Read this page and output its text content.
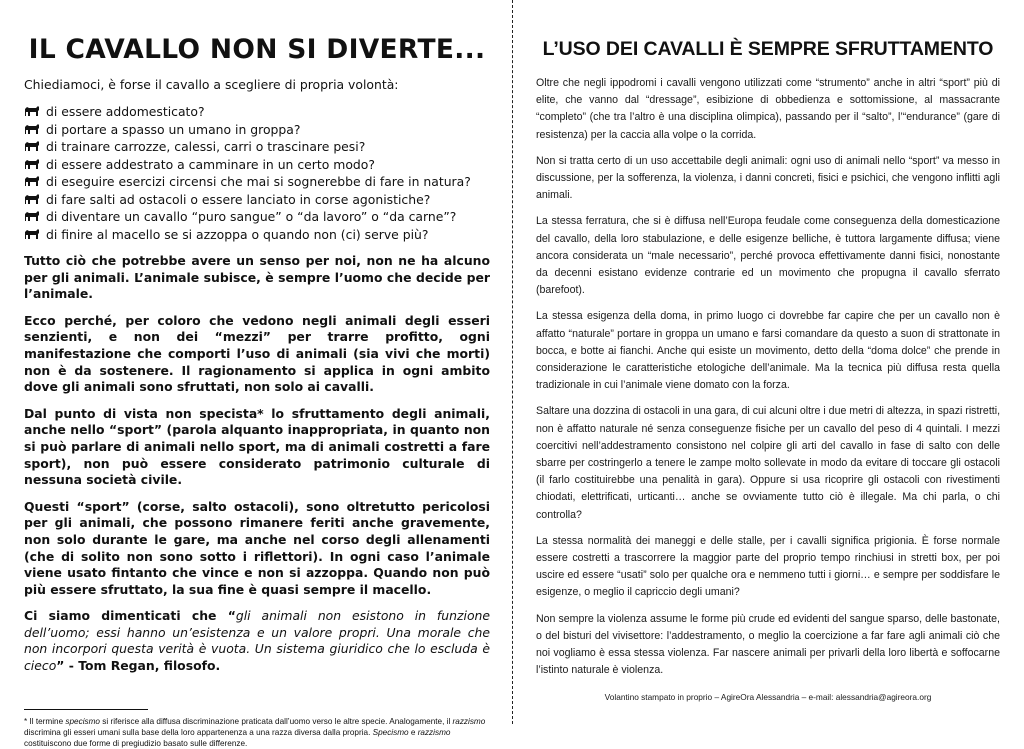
IL CAVALLO NON SI DIVERTE...

Chiediamoci, è forse il cavallo a scegliere di propria volontà:

di essere addomesticato?
di portare a spasso un umano in groppa?
di trainare carrozze, calessi, carri o trascinare pesi?
di essere addestrato a camminare in un certo modo?
di eseguire esercizi circensi che mai si sognerebbe di fare in natura?
di fare salti ad ostacoli o essere lanciato in corse agonistiche?
di diventare un cavallo “puro sangue” o “da lavoro” o “da carne”?
di finire al macello se si azzoppa o quando non (ci) serve più?

Tutto ciò che potrebbe avere un senso per noi, non ne ha alcuno per gli animali. L’animale subisce, è sempre l’uomo che decide per l’animale.

Ecco perché, per coloro che vedono negli animali degli esseri senzienti, e non dei “mezzi” per trarre profitto, ogni manifestazione che comporti l’uso di animali (sia vivi che morti) non è da sostenere. Il ragionamento si applica in ogni ambito dove gli animali sono sfruttati, non solo ai cavalli.

Dal punto di vista non specista* lo sfruttamento degli animali, anche nello “sport” (parola alquanto inappropriata, in quanto non si può parlare di animali nello sport, ma di animali costretti a fare sport), non può essere considerato patrimonio culturale di nessuna società civile.

Questi “sport” (corse, salto ostacoli), sono oltretutto pericolosi per gli animali, che possono rimanere feriti anche gravemente, non solo durante le gare, ma anche nel corso degli allenamenti (che di solito non sono sotto i riflettori). In ogni caso l’animale viene usato fintanto che vince e non si azzoppa. Quando non può più essere sfruttato, la sua fine è quasi sempre il macello.

Ci siamo dimenticati che “gli animali non esistono in funzione dell’uomo; essi hanno un’esistenza e un valore propri. Una morale che non incorpori questa verità è vuota. Un sistema giuridico che lo escluda è cieco” - Tom Regan, filosofo.

* Il termine specismo si riferisce alla diffusa discriminazione praticata dall’uomo verso le altre specie. Analogamente, il razzismo discrimina gli esseri umani sulla base della loro appartenenza a una razza diversa dalla propria. Specismo e razzismo costituiscono due forme di pregiudizio basato sulle differenze.

L’USO DEI CAVALLI È SEMPRE SFRUTTAMENTO

Oltre che negli ippodromi i cavalli vengono utilizzati come “strumento” anche in altri “sport” più di elite, che vanno dal “dressage”, esibizione di obbedienza e sottomissione, al massacrante “completo” (che tra l’altro è una disciplina olimpica), passando per il “salto”, l’“endurance” (gare di resistenza) per la caccia alla volpe o la corrida.

Non si tratta certo di un uso accettabile degli animali: ogni uso di animali nello “sport” va messo in discussione, per la sofferenza, la violenza, i danni concreti, fisici e psichici, che vengono inflitti agli animali.

La stessa ferratura, che si è diffusa nell’Europa feudale come conseguenza della domesticazione del cavallo, della loro stabulazione, e delle esigenze belliche, è tuttora largamente diffusa; viene ancora considerata un “male necessario”, perché provoca effettivamente danni fisici, nonostante da decenni esistano evidenze contrarie ed un movimento che propugna il cavallo sferrato (barefoot).

La stessa esigenza della doma, in primo luogo ci dovrebbe far capire che per un cavallo non è affatto “naturale” portare in groppa un umano e farsi comandare da questo a suon di strattonate in bocca, e botte ai fianchi. Anche qui esiste un movimento, detto della “doma dolce” che prende in considerazione le caratteristiche etologiche dell’animale. Ma la tecnica più diffusa resta quella tradizionale in cui l’animale viene domato con la forza.

Saltare una dozzina di ostacoli in una gara, di cui alcuni oltre i due metri di altezza, in spazi ristretti, non è affatto naturale né senza conseguenze fisiche per un cavallo del peso di 4 quintali. I mezzi coercitivi nell’addestramento consistono nel colpire gli arti del cavallo in fase di salto con delle sbarre per costringerlo a tenere le zampe molto sollevate in modo da evitare di toccare gli ostacoli (il farlo costituirebbe una penalità in gara). Oppure si usa ricoprire gli ostacoli con rivestimenti chiodati, elettrificati, urticanti… anche se ovviamente tutto ciò è illegale. Ma chi parla, o chi controlla?

La stessa normalità dei maneggi e delle stalle, per i cavalli significa prigionia. È forse normale essere costretti a trascorrere la maggior parte del proprio tempo rinchiusi in stretti box, per poi uscire ed essere “usati” solo per qualche ora e nemmeno tutti i giorni… e sempre per soddisfare le esigenze, o meglio il capriccio degli umani?

Non sempre la violenza assume le forme più crude ed evidenti del sangue sparso, delle bastonate, o del bisturi del vivisettore: l’addestramento, o meglio la coercizione a far fare agli animali ciò che noi vogliamo è essa stessa violenza. Far nascere animali per privarli della loro libertà e soffocarne l’istinto naturale è violenza.

Volantino stampato in proprio – AgireOra Alessandria – e-mail: alessandria@agireora.org
